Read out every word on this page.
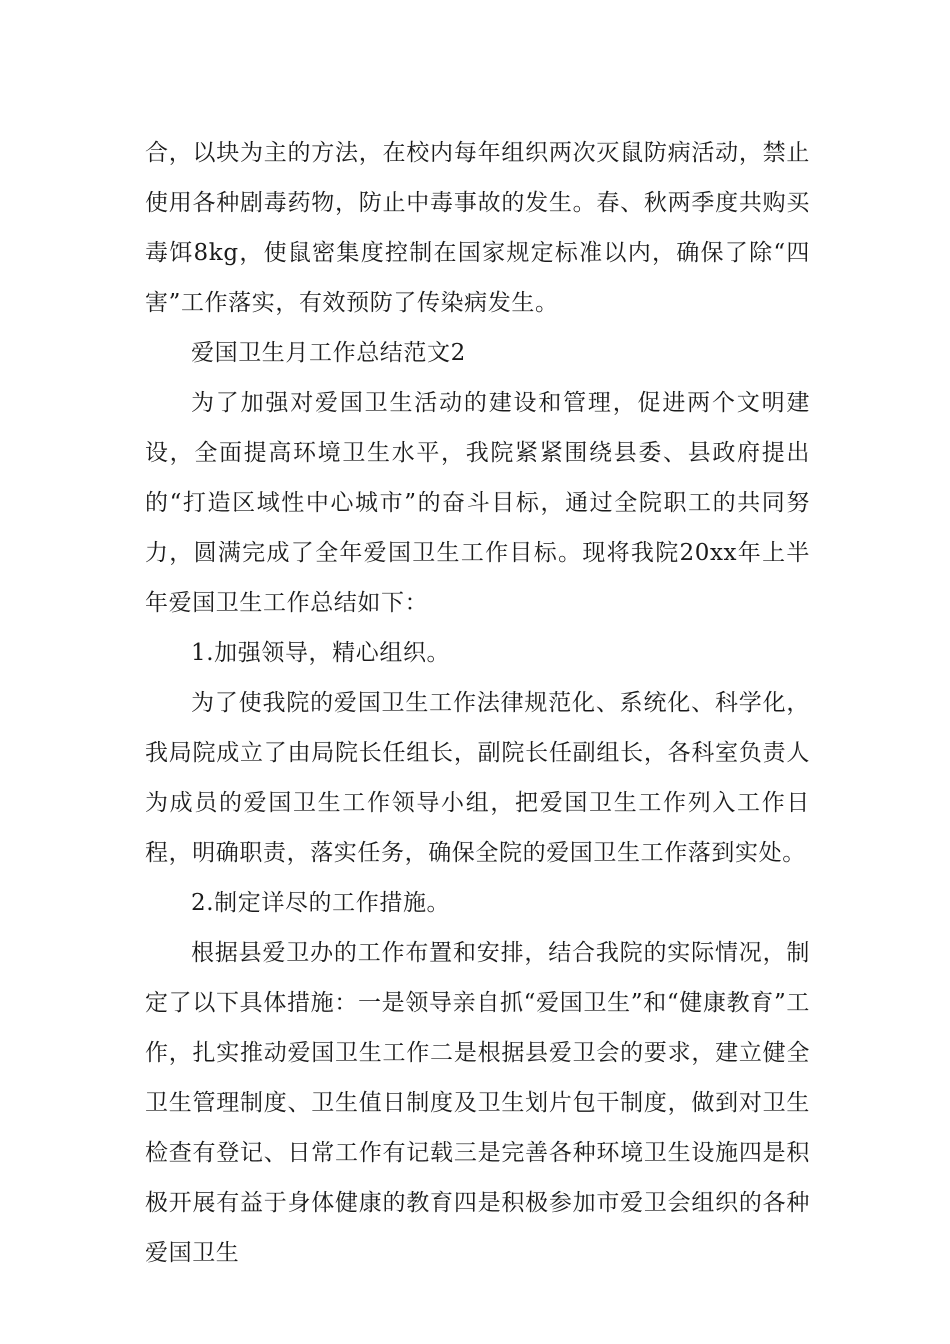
合，以块为主的方法，在校内每年组织两次灭鼠防病活动，禁止使用各种剧毒药物，防止中毒事故的发生。春、秋两季度共购买毒饵8kg，使鼠密集度控制在国家规定标准以内，确保了除“四害”工作落实，有效预防了传染病发生。

爱国卫生月工作总结范文2

为了加强对爱国卫生活动的建设和管理，促进两个文明建设，全面提高环境卫生水平，我院紧紧围绕县委、县政府提出的“打造区域性中心城市”的奋斗目标，通过全院职工的共同努力，圆满完成了全年爱国卫生工作目标。现将我院20xx年上半年爱国卫生工作总结如下：

1.加强领导，精心组织。

为了使我院的爱国卫生工作法律规范化、系统化、科学化，我局院成立了由局院长任组长，副院长任副组长，各科室负责人为成员的爱国卫生工作领导小组，把爱国卫生工作列入工作日程，明确职责，落实任务，确保全院的爱国卫生工作落到实处。

2.制定详尽的工作措施。

根据县爱卫办的工作布置和安排，结合我院的实际情况，制定了以下具体措施：一是领导亲自抓“爱国卫生”和“健康教育”工作，扎实推动爱国卫生工作二是根据县爱卫会的要求，建立健全卫生管理制度、卫生值日制度及卫生划片包干制度，做到对卫生检查有登记、日常工作有记载三是完善各种环境卫生设施四是积极开展有益于身体健康的教育四是积极参加市爱卫会组织的各种爱国卫生
